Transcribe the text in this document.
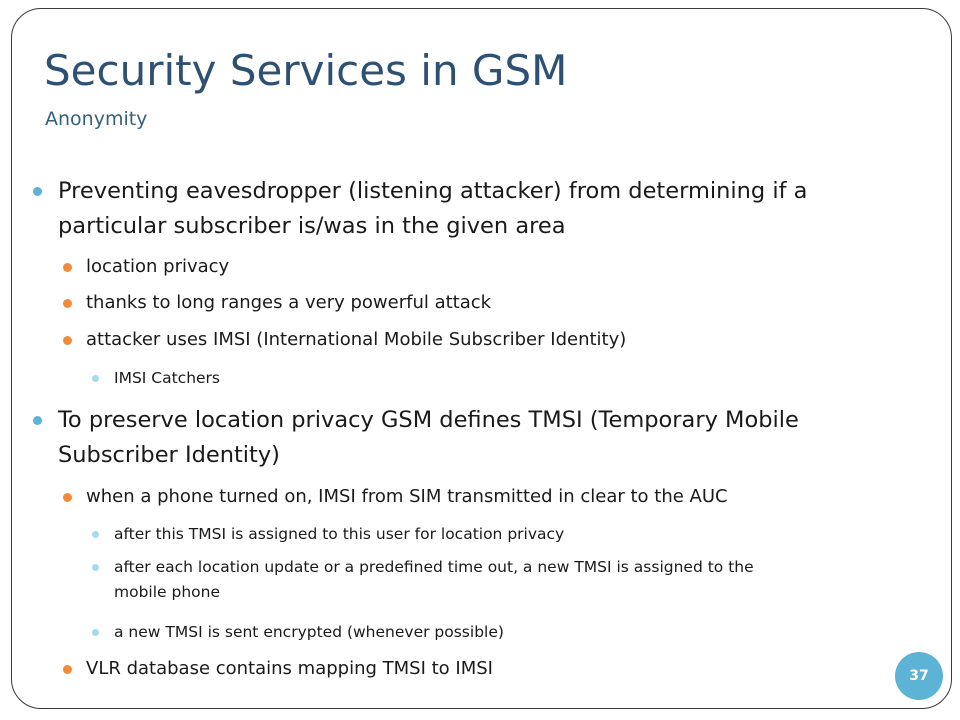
Security Services in GSM
Anonymity
Preventing eavesdropper (listening attacker) from determining if a
particular subscriber is/was in the given area
location privacy
thanks to long ranges a very powerful attack
attacker uses IMSI (International Mobile Subscriber Identity)
IMSI Catchers
To preserve location privacy GSM defines TMSI (Temporary Mobile
Subscriber Identity)
when a phone turned on, IMSI from SIM transmitted in clear to the AUC
after this TMSI is assigned to this user for location privacy
after each location update or a predefined time out, a new TMSI is assigned to the
mobile phone
a new TMSI is sent encrypted (whenever possible)
VLR database contains mapping TMSI to IMSI	37
